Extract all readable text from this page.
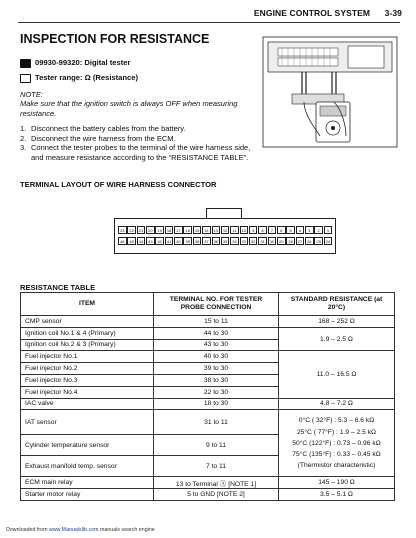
ENGINE CONTROL SYSTEM 3-39
INSPECTION FOR RESISTANCE
09930-99320: Digital tester
Tester range: Ω (Resistance)
NOTE:
Make sure that the ignition switch is always OFF when measuring resistance.
1. Disconnect the battery cables from the battery.
2. Disconnect the wire harness from the ECM.
3. Connect the tester probes to the terminal of the wire harness side, and measure resistance according to the “RESISTANCE TABLE”.
TERMINAL LAYOUT OF WIRE HARNESS CONNECTOR
23	22	21	20	19	18	17	16	15	14	13	12	11	10	9	8	7	6	5	4	3	2	1
46	45	44	43	42	41	40	39	38	37	36	35	34	33	32	31	30	29	28	27	26	25	24
RESISTANCE TABLE
ITEM	TERMINAL NO. FOR TESTER PROBE CONNECTION	STANDARD RESISTANCE (at 20°C)
CMP sensor	15 to 11	168 – 252 Ω
Ignition coil No.1 & 4 (Primary)	44 to 30	1.9 – 2.5 Ω
Ignition coil No.2 & 3 (Primary)	43 to 30	
Fuel injector No.1	40 to 30	11.0 – 16.5 Ω
Fuel injector No.2	39 to 30	
Fuel injector No.3	38 to 30	
Fuel injector No.4	22 to 30	
IAC valve	18 to 30	4.8 – 7.2 Ω
IAT sensor	31 to 11	0°C ( 32°F) : 5.3 – 6.6 kΩ
25°C ( 77°F) : 1.9 – 2.5 kΩ
50°C (122°F) : 0.73 – 0.96 kΩ
75°C (135°F) : 0.33 – 0.45 kΩ
(Thermistor characteristic)

Cylinder temperature sensor	9 to 11	
Exhaust manifold temp. sensor	7 to 11	
ECM main relay	13 to Terminal Ⓐ [NOTE 1]	145 – 190 Ω
Starter motor relay	5 to GND [NOTE 2]	3.5 – 5.1 Ω
Downloaded from www.Manualslib.com manuals search engine
